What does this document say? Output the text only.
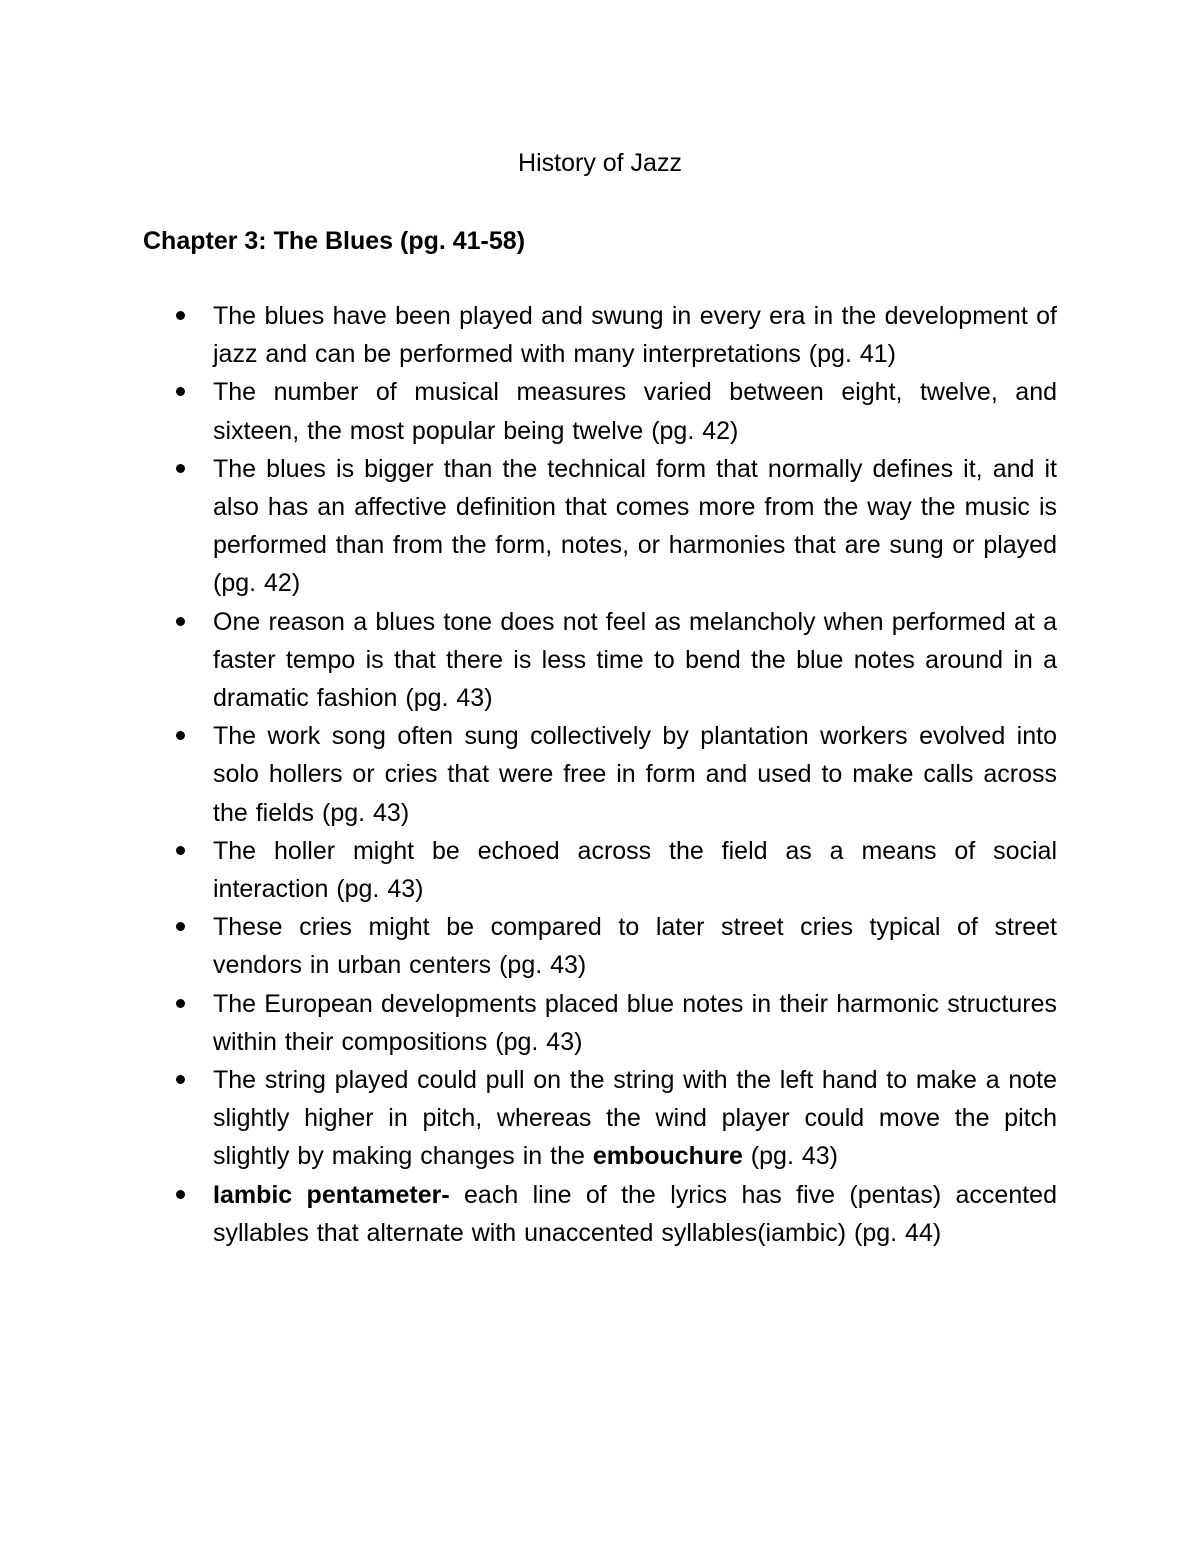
History of Jazz
Chapter 3: The Blues (pg. 41-58)
The blues have been played and swung in every era in the development of jazz and can be performed with many interpretations (pg. 41)
The number of musical measures varied between eight, twelve, and sixteen, the most popular being twelve (pg. 42)
The blues is bigger than the technical form that normally defines it, and it also has an affective definition that comes more from the way the music is performed than from the form, notes, or harmonies that are sung or played (pg. 42)
One reason a blues tone does not feel as melancholy when performed at a faster tempo is that there is less time to bend the blue notes around in a dramatic fashion (pg. 43)
The work song often sung collectively by plantation workers evolved into solo hollers or cries that were free in form and used to make calls across the fields (pg. 43)
The holler might be echoed across the field as a means of social interaction (pg. 43)
These cries might be compared to later street cries typical of street vendors in urban centers (pg. 43)
The European developments placed blue notes in their harmonic structures within their compositions (pg. 43)
The string played could pull on the string with the left hand to make a note slightly higher in pitch, whereas the wind player could move the pitch slightly by making changes in the embouchure (pg. 43)
Iambic pentameter- each line of the lyrics has five (pentas) accented syllables that alternate with unaccented syllables(iambic) (pg. 44)
